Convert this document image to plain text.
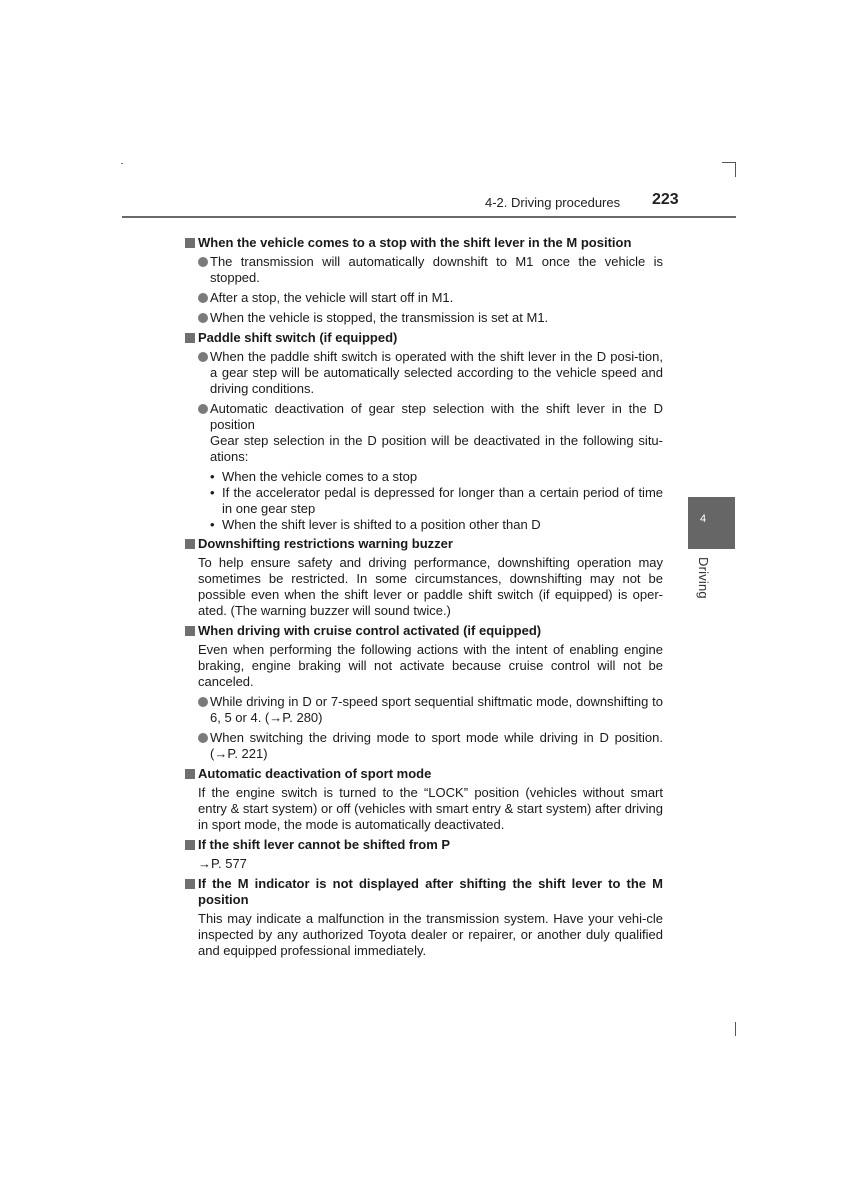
4-2. Driving procedures 223
4
Driving
When the vehicle comes to a stop with the shift lever in the M position
The transmission will automatically downshift to M1 once the vehicle is stopped.
After a stop, the vehicle will start off in M1.
When the vehicle is stopped, the transmission is set at M1.
Paddle shift switch (if equipped)
When the paddle shift switch is operated with the shift lever in the D posi-tion, a gear step will be automatically selected according to the vehicle speed and driving conditions.
Automatic deactivation of gear step selection with the shift lever in the D position
Gear step selection in the D position will be deactivated in the following situ-ations:
• When the vehicle comes to a stop
• If the accelerator pedal is depressed for longer than a certain period of time in one gear step
• When the shift lever is shifted to a position other than D
Downshifting restrictions warning buzzer
To help ensure safety and driving performance, downshifting operation may sometimes be restricted. In some circumstances, downshifting may not be possible even when the shift lever or paddle shift switch (if equipped) is oper-ated. (The warning buzzer will sound twice.)
When driving with cruise control activated (if equipped)
Even when performing the following actions with the intent of enabling engine braking, engine braking will not activate because cruise control will not be canceled.
While driving in D or 7-speed sport sequential shiftmatic mode, downshifting to 6, 5 or 4. (→P. 280)
When switching the driving mode to sport mode while driving in D position. (→P. 221)
Automatic deactivation of sport mode
If the engine switch is turned to the “LOCK” position (vehicles without smart entry & start system) or off (vehicles with smart entry & start system) after driving in sport mode, the mode is automatically deactivated.
If the shift lever cannot be shifted from P
→P. 577
If the M indicator is not displayed after shifting the shift lever to the M position
This may indicate a malfunction in the transmission system. Have your vehi-cle inspected by any authorized Toyota dealer or repairer, or another duly qualified and equipped professional immediately.
